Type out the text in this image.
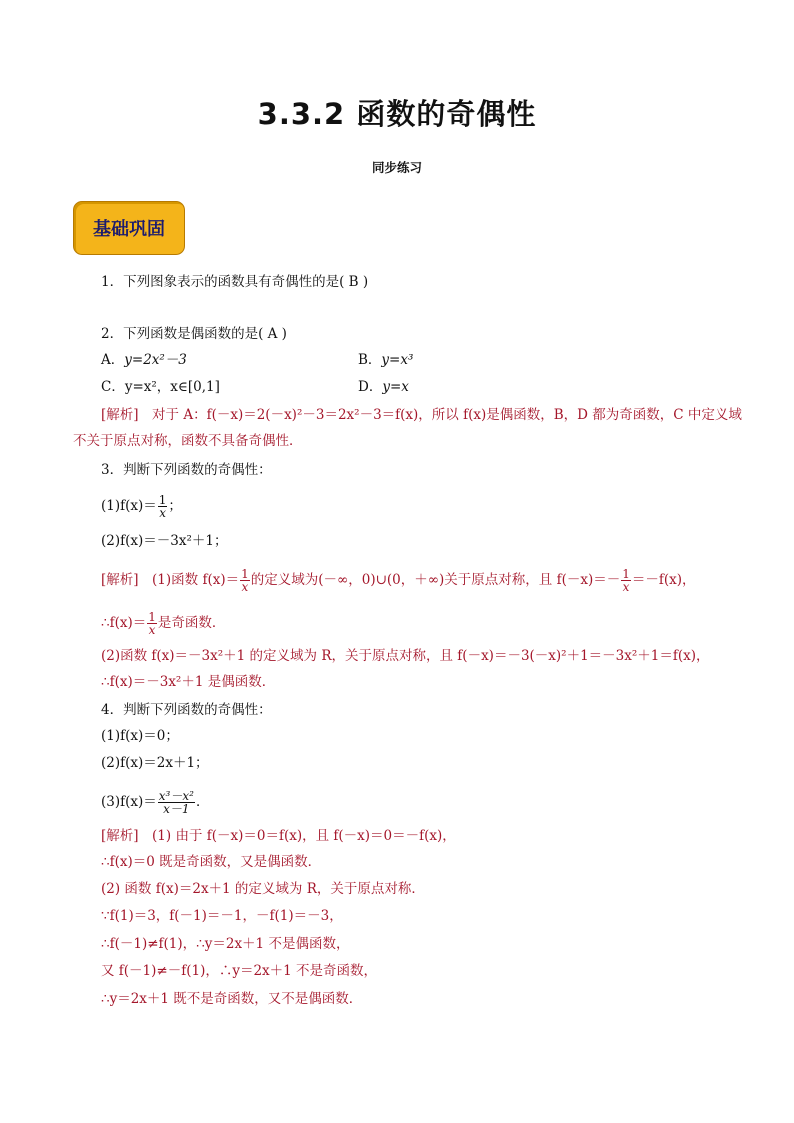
3.3.2 函数的奇偶性
同步练习
基础巩固
1．下列图象表示的函数具有奇偶性的是( B )
2．下列函数是偶函数的是( A )
A．y=2x²－3	B．y=x³
C．y=x²，x∈[0,1]	D．y=x
[解析]　对于 A：f(－x)＝2(－x)²－3＝2x²－3＝f(x)，所以 f(x)是偶函数，B，D 都为奇函数，C 中定义域
不关于原点对称，函数不具备奇偶性．
3．判断下列函数的奇偶性：
$(1)f(x)= \frac{1}{x}$ ；
(2)f(x)＝－3x²＋1；
[解析]　(1)函数 $f(x)= \frac{1}{x}$ 的定义域为(－∞，0)∪(0，＋∞)关于原点对称，且 $f(-x)=- \frac{1}{x} =-f(x)$，
∴f(x)＝ $\frac{1}{x}$ 是奇函数．
(2)函数 f(x)＝－3x²＋1 的定义域为 R，关于原点对称，且 f(－x)＝－3(－x)²＋1＝－3x²＋1＝f(x)，
∴f(x)＝－3x²＋1 是偶函数．
4．判断下列函数的奇偶性：
(1)f(x)＝0；
(2)f(x)＝2x＋1；
$(3)f(x)= \frac{\text{x³－x²}}{x-1}$ ．
[解析]　(1) 由于 f(－x)＝0＝f(x)，且 f(－x)＝0＝－f(x)，
∴f(x)＝0 既是奇函数，又是偶函数．
(2) 函数 f(x)＝2x＋1 的定义域为 R，关于原点对称．
∵f(1)＝3，f(－1)＝－1，－f(1)＝－3，
∴f(－1)≠f(1)，∴y＝2x＋1 不是偶函数，
又 f(－1)≠－f(1)，∴y＝2x＋1 不是奇函数，
∴y＝2x＋1 既不是奇函数，又不是偶函数．
